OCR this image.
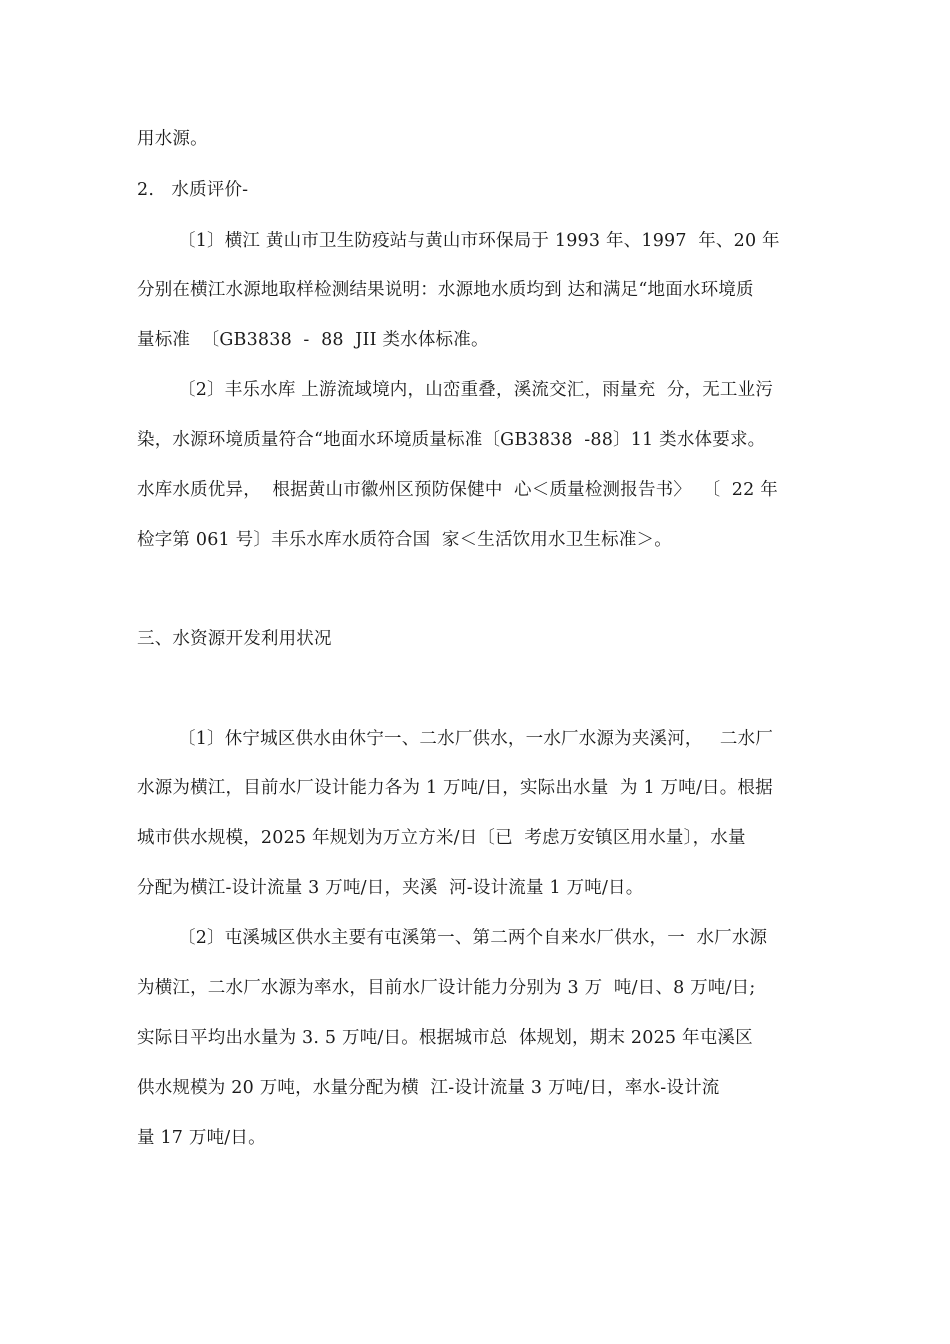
用水源。
2.   水质评价-
〔1〕横江 黄山市卫生防疫站与黄山市环保局于 1993 年、1997  年、20 年
分别在横江水源地取样检测结果说明：水源地水质均到 达和满足“地面水环境质
量标准  〔GB3838  -  88  JII 类水体标准。
〔2〕丰乐水库 上游流域境内，山峦重叠，溪流交汇，雨量充  分，无工业污
染，水源环境质量符合“地面水环境质量标准〔GB3838  -88〕11 类水体要求。
水库水质优异，  根据黄山市徽州区预防保健中  心＜质量检测报告书〉  〔  22 年
检字第 061 号〕丰乐水库水质符合国  家＜生活饮用水卫生标准＞。
三、水资源开发利用状况
〔1〕休宁城区供水由休宁一、二水厂供水，一水厂水源为夹溪河，   二水厂
水源为横江，目前水厂设计能力各为 1 万吨/日，实际出水量  为 1 万吨/日。根据
城市供水规模，2025 年规划为万立方米/日〔已  考虑万安镇区用水量〕，水量
分配为横江-设计流量 3 万吨/日，夹溪  河-设计流量 1 万吨/日。
〔2〕屯溪城区供水主要有屯溪第一、第二两个自来水厂供水，一  水厂水源
为横江，二水厂水源为率水，目前水厂设计能力分别为 3 万  吨/日、8 万吨/日;
实际日平均出水量为 3. 5 万吨/日。根据城市总  体规划，期末 2025 年屯溪区
供水规模为 20 万吨，水量分配为横  江-设计流量 3 万吨/日，率水-设计流
量 17 万吨/日。
